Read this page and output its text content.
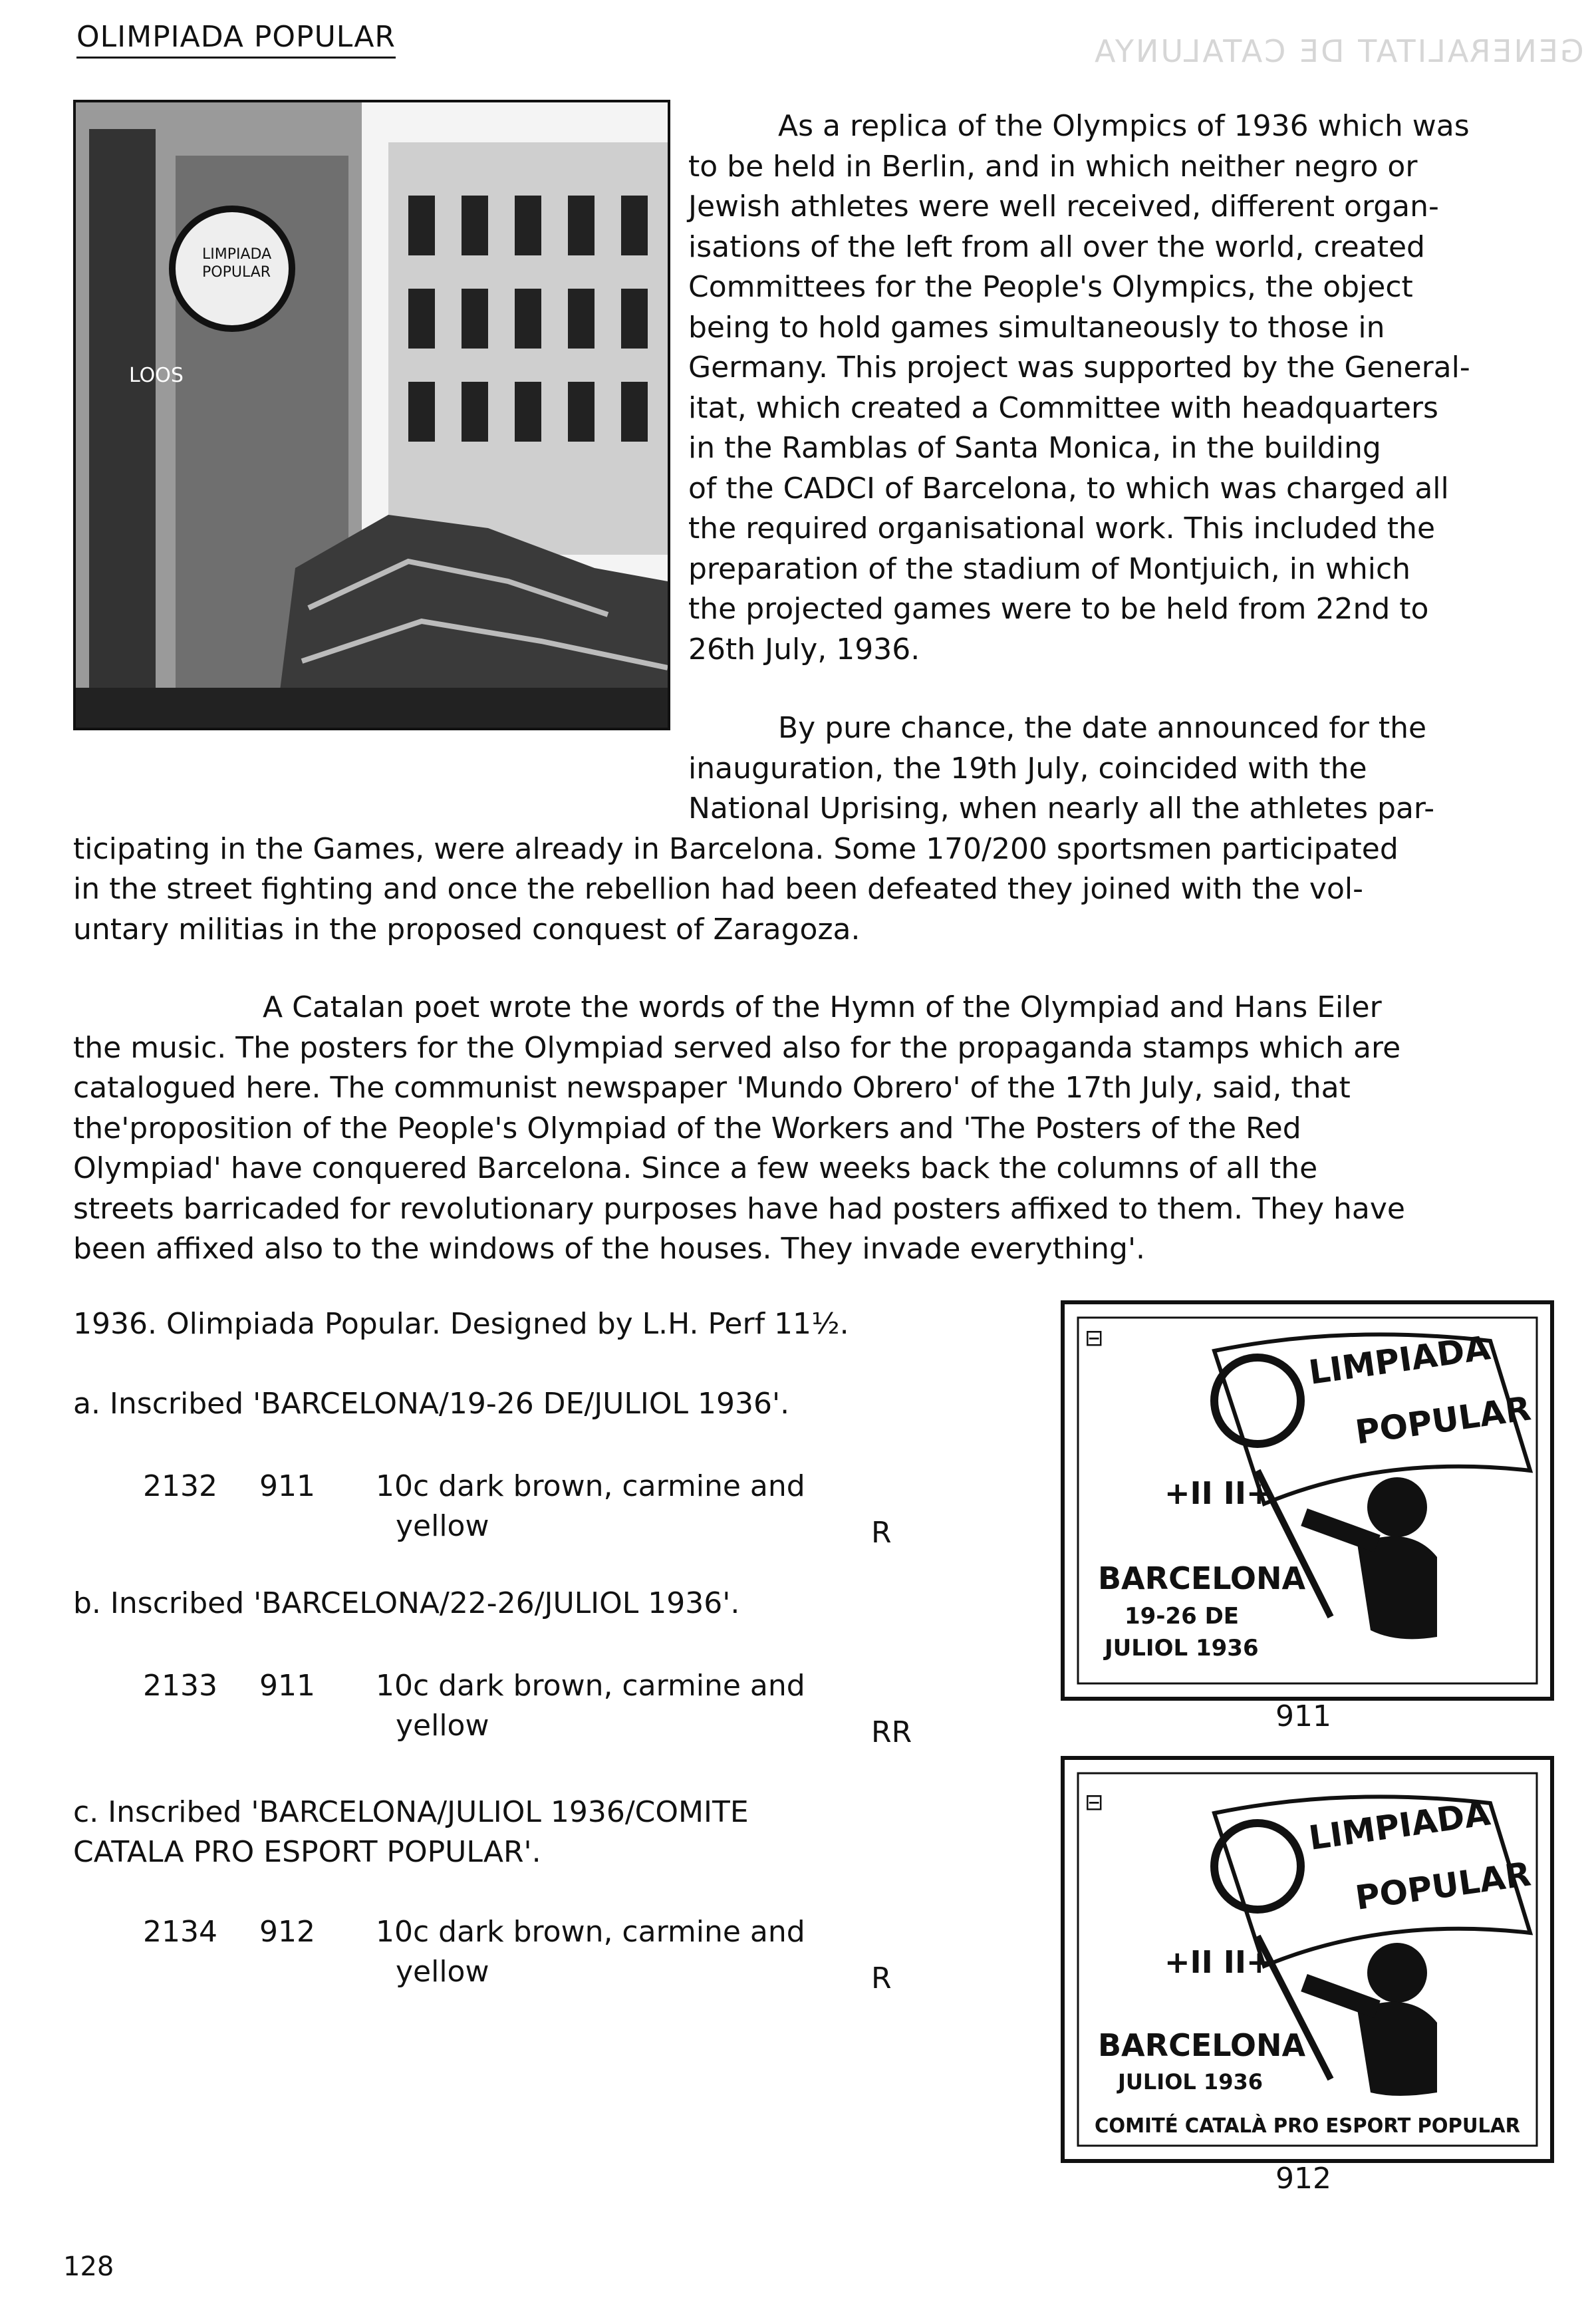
GENERALITAT DE CATALUNYA
OLIMPIADA POPULAR
LIMPIADA
POPULAR
LOOS
As a replica of the Olympics of 1936 which was
to be held in Berlin, and in which neither negro or
Jewish athletes were well received, different organ-
isations of the left from all over the world, created
Committees for the People's Olympics, the object
being to hold games simultaneously to those in
Germany. This project was supported by the General-
itat, which created a Committee with headquarters
in the Ramblas of Santa Monica, in the building
of the CADCI of Barcelona, to which was charged all
the required organisational work. This included the
preparation of the stadium of Montjuich, in which
the projected games were to be held from 22nd to
26th July, 1936.
By pure chance, the date announced for the
inauguration, the 19th July, coincided with the
National Uprising, when nearly all the athletes par-
ticipating in the Games, were already in Barcelona. Some 170/200 sportsmen participated
in the street fighting and once the rebellion had been defeated they joined with the vol-
untary militias in the proposed conquest of Zaragoza.
A Catalan poet wrote the words of the Hymn of the Olympiad and Hans Eiler
the music. The posters for the Olympiad served also for the propaganda stamps which are
catalogued here. The communist newspaper 'Mundo Obrero' of the 17th July, said, that
the'proposition of the People's Olympiad of the Workers and 'The Posters of the Red
Olympiad' have conquered Barcelona. Since a few weeks back the columns of all the
streets barricaded for revolutionary purposes have had posters affixed to them. They have
been affixed also to the windows of the houses. They invade everything'.
1936. Olimpiada Popular. Designed by L.H. Perf 11½.
a. Inscribed 'BARCELONA/19-26 DE/JULIOL 1936'.
2132 911 10c dark brown, carmine and
yellow	R
b. Inscribed 'BARCELONA/22-26/JULIOL 1936'.
2133 911 10c dark brown, carmine and
yellow	RR
c. Inscribed 'BARCELONA/JULIOL 1936/COMITE
CATALA PRO ESPORT POPULAR'.
2134 912 10c dark brown, carmine and
yellow	R
⊟	LIMPIADA
POPULAR
+II II+
BARCELONA
19-26 DE
JULIOL 1936
911
⊟	LIMPIADA
POPULAR
+II II+
BARCELONA
JULIOL 1936
COMITÉ CATALÀ PRO ESPORT POPULAR
912
128
